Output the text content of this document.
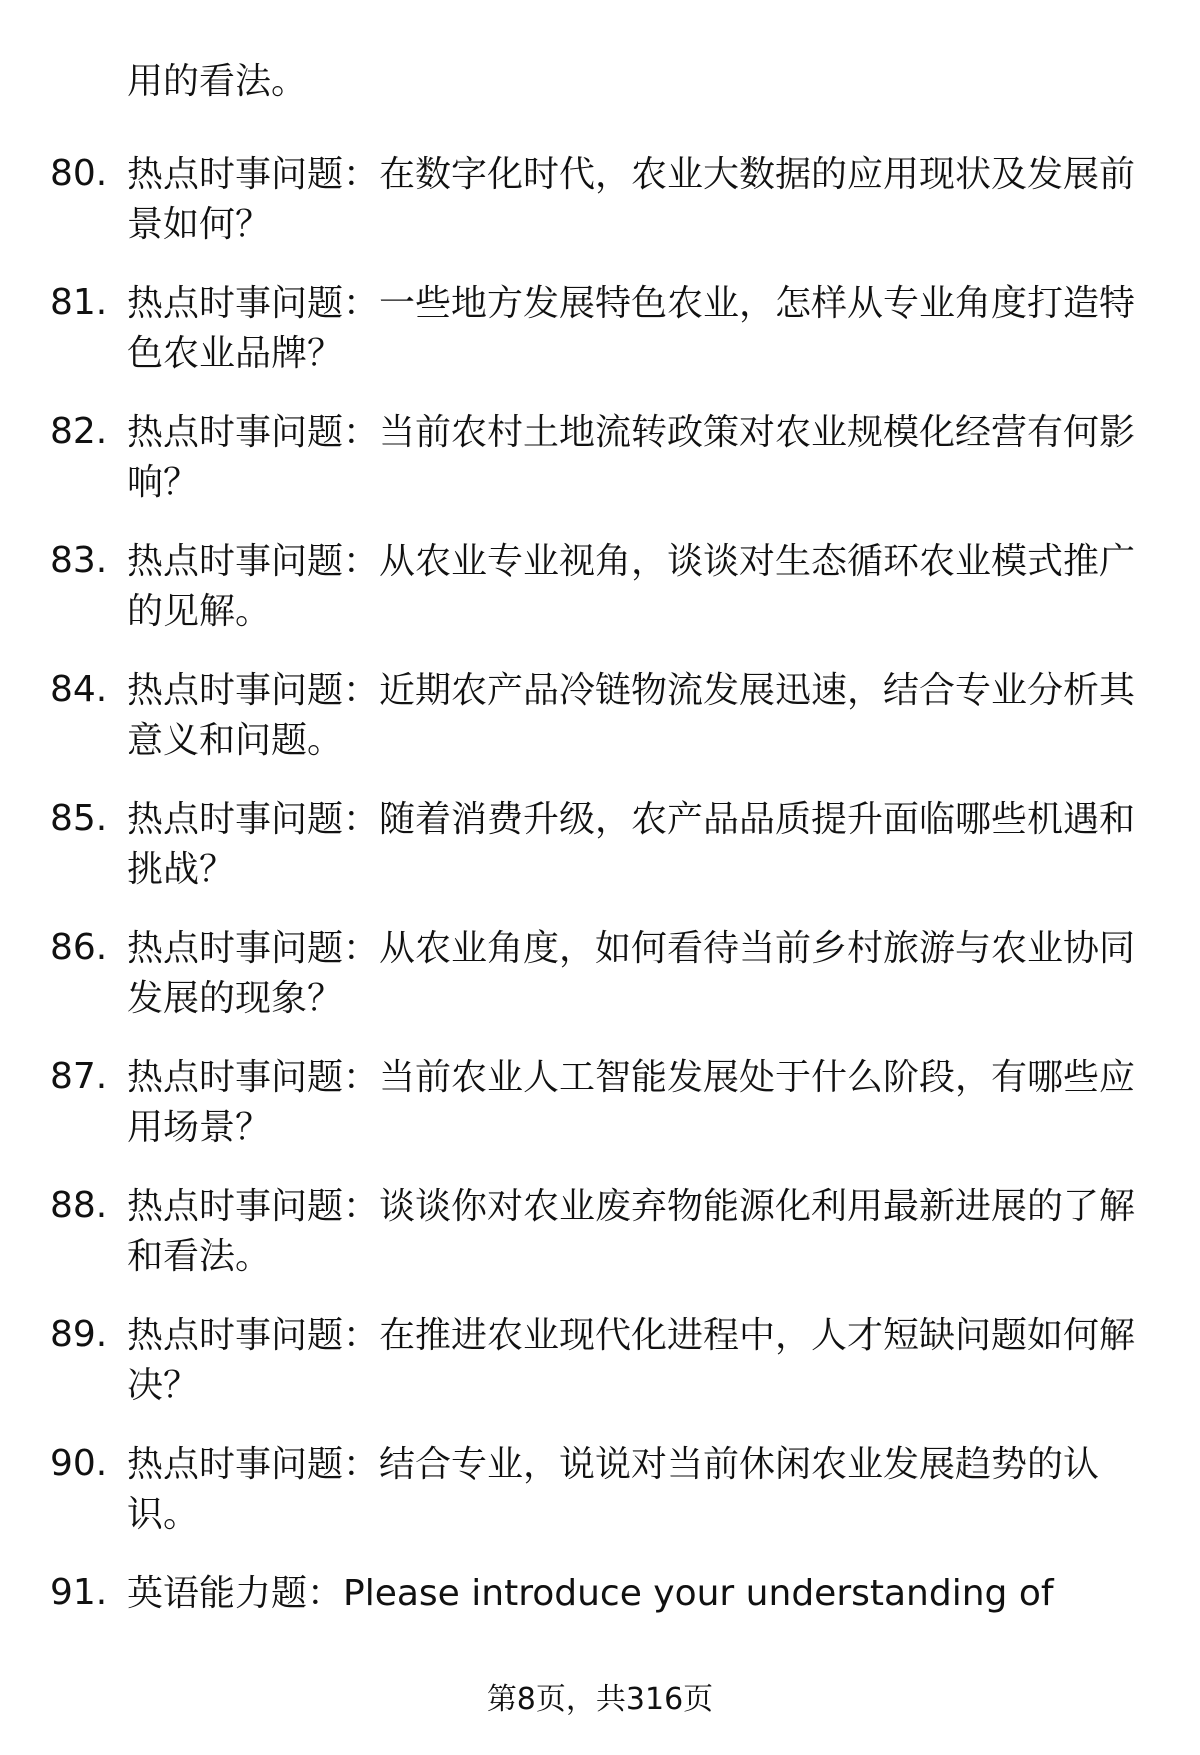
用的看法。
80. 热点时事问题：在数字化时代，农业大数据的应用现状及发展前景如何？
81. 热点时事问题：一些地方发展特色农业，怎样从专业角度打造特色农业品牌？
82. 热点时事问题：当前农村土地流转政策对农业规模化经营有何影响？
83. 热点时事问题：从农业专业视角，谈谈对生态循环农业模式推广的见解。
84. 热点时事问题：近期农产品冷链物流发展迅速，结合专业分析其意义和问题。
85. 热点时事问题：随着消费升级，农产品品质提升面临哪些机遇和挑战？
86. 热点时事问题：从农业角度，如何看待当前乡村旅游与农业协同发展的现象？
87. 热点时事问题：当前农业人工智能发展处于什么阶段，有哪些应用场景？
88. 热点时事问题：谈谈你对农业废弃物能源化利用最新进展的了解和看法。
89. 热点时事问题：在推进农业现代化进程中，人才短缺问题如何解决？
90. 热点时事问题：结合专业，说说对当前休闲农业发展趋势的认识。
91. 英语能力题：Please introduce your understanding of
第8页，共316页
